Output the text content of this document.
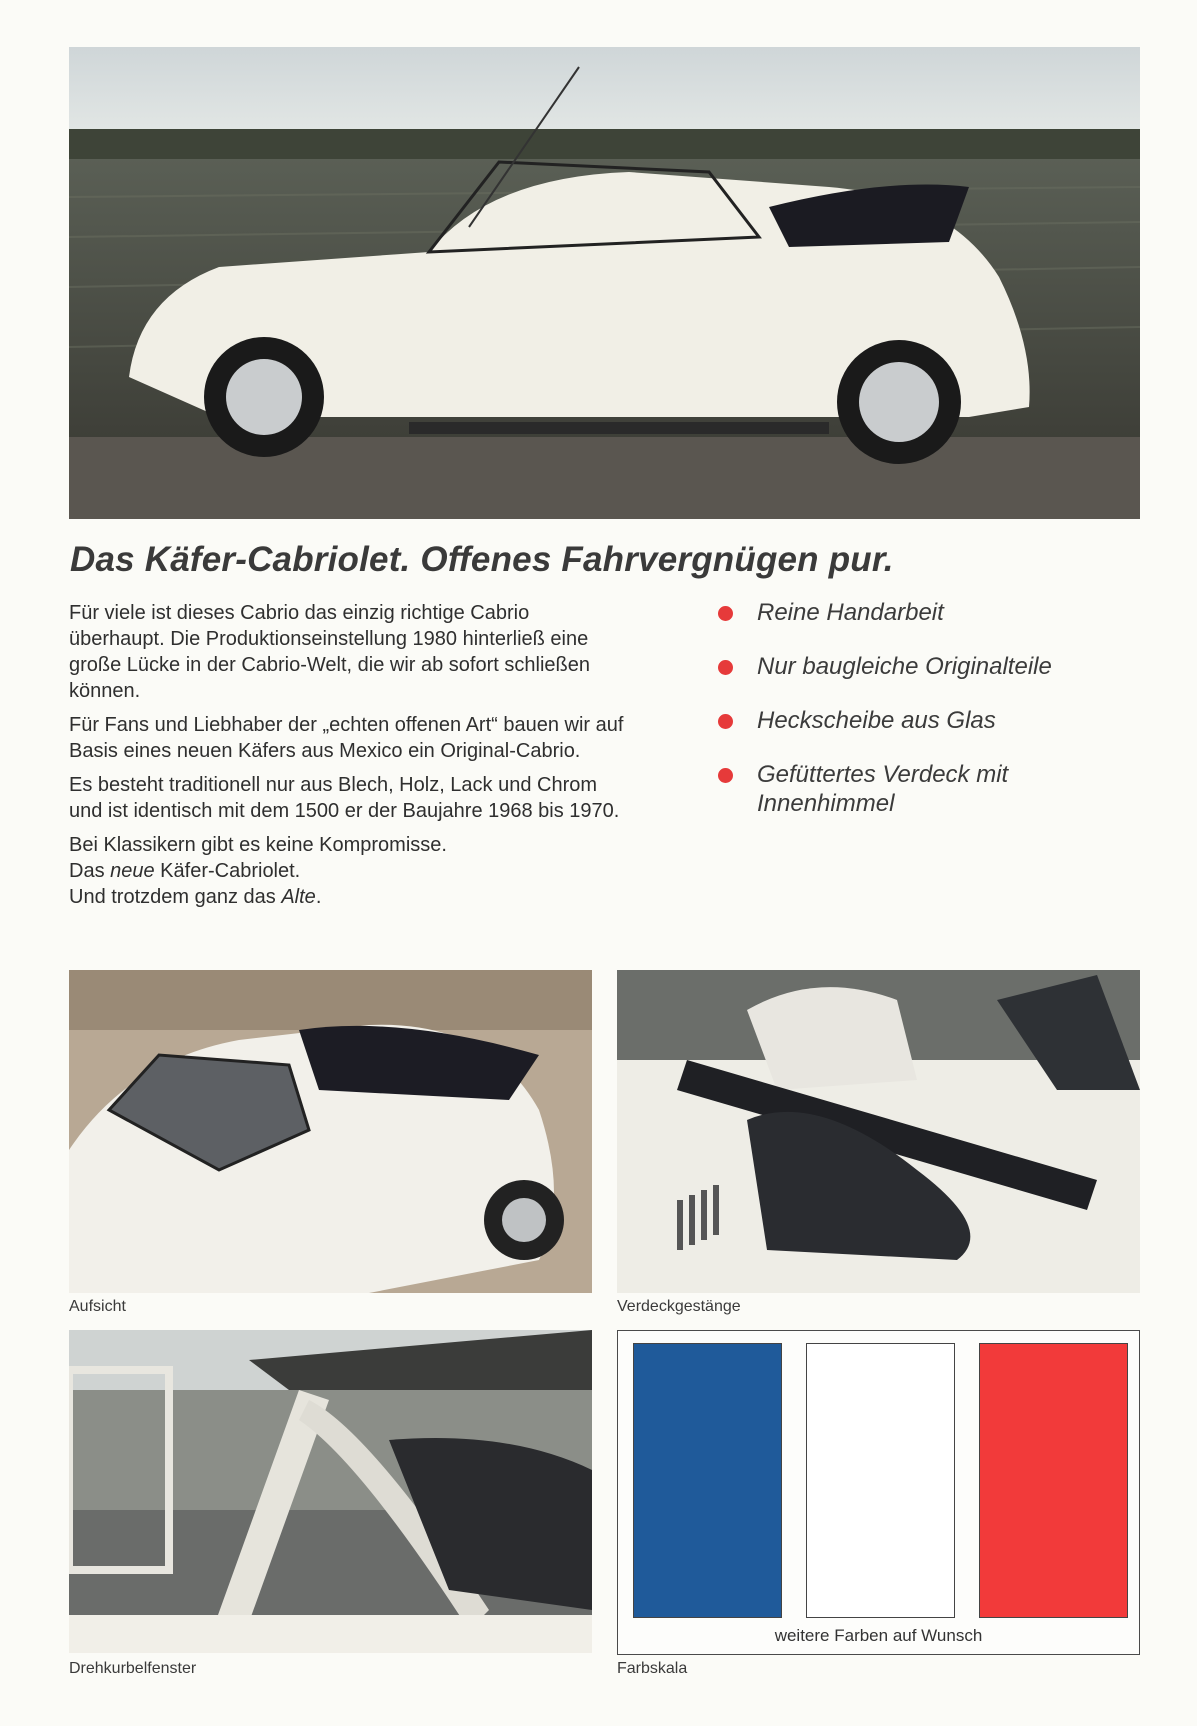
Das Käfer-Cabriolet. Offenes Fahrvergnügen pur.

Für viele ist dieses Cabrio das einzig richtige Cabrio überhaupt. Die Produktionseinstellung 1980 hinterließ eine große Lücke in der Cabrio-Welt, die wir ab sofort schließen können.

Für Fans und Liebhaber der „echten offenen Art“ bauen wir auf Basis eines neuen Käfers aus Mexico ein Original-Cabrio.

Es besteht traditionell nur aus Blech, Holz, Lack und Chrom und ist identisch mit dem 1500 er der Baujahre 1968 bis 1970.

Bei Klassikern gibt es keine Kompromisse.
Das neue Käfer-Cabriolet.
Und trotzdem ganz das Alte.

Reine Handarbeit
Nur baugleiche Originalteile
Heckscheibe aus Glas
Gefüttertes Verdeck mit Innenhimmel
Aufsicht	Verdeckgestänge
Drehkurbelfenster
weitere Farben auf Wunsch
Farbskala
